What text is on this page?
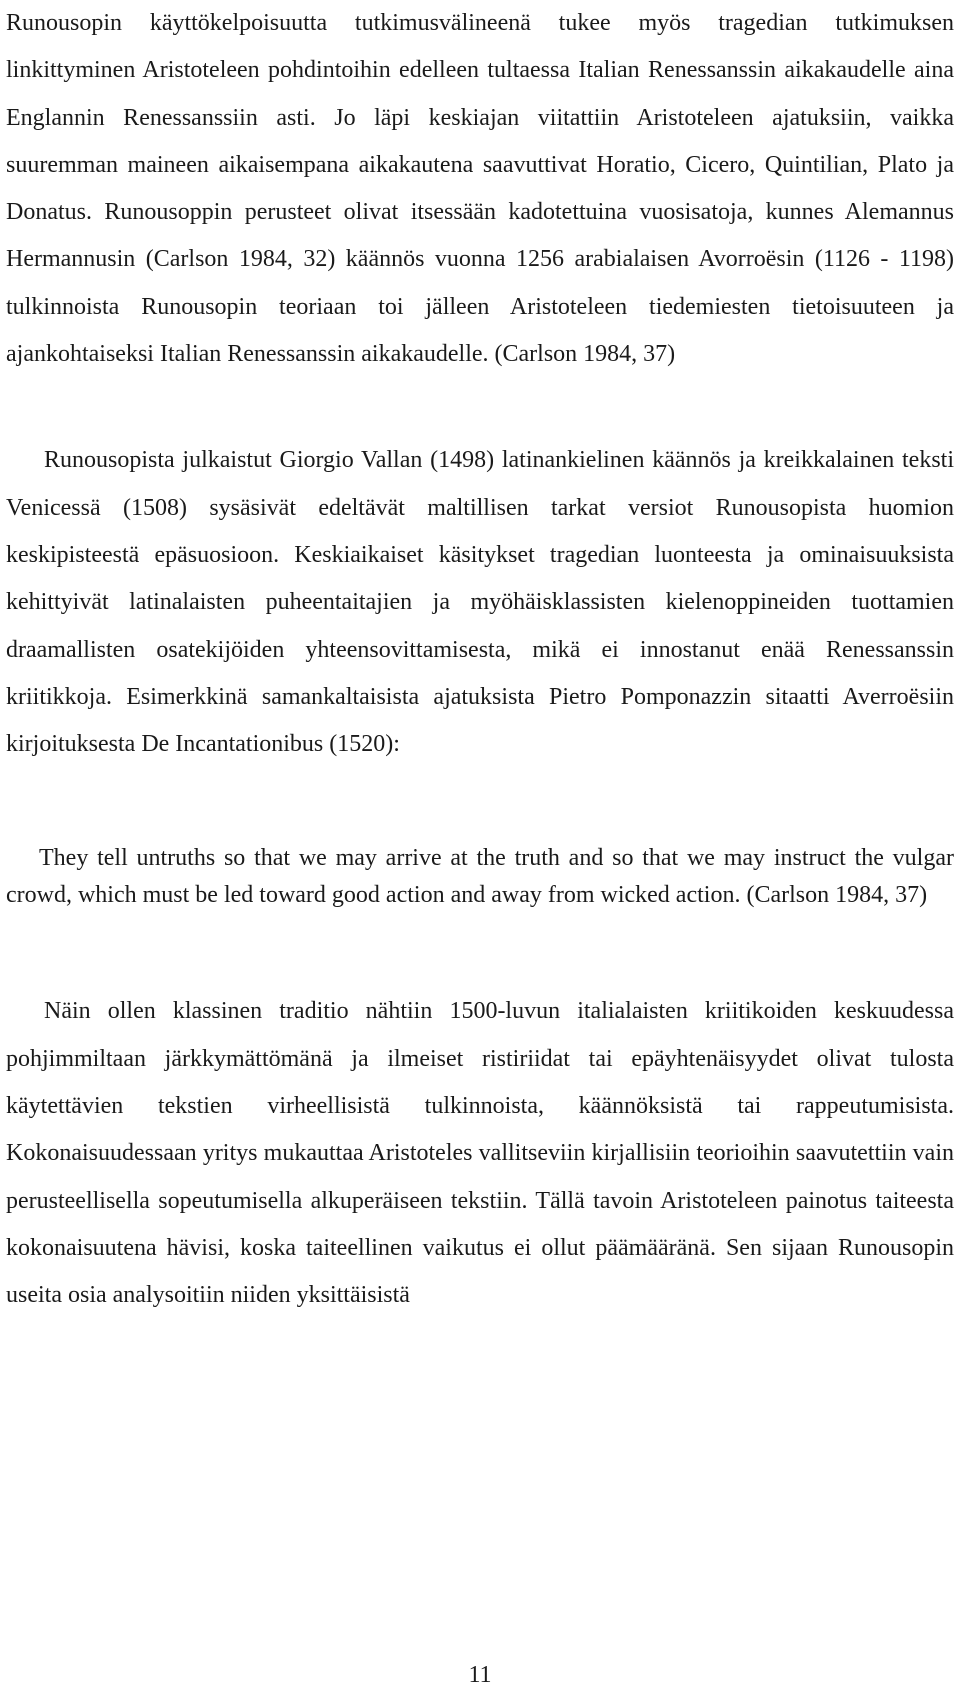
Runousopin käyttökelpoisuutta tutkimusvälineenä tukee myös tragedian tutkimuksen linkittyminen Aristoteleen pohdintoihin edelleen tultaessa Italian Renessanssin aikakaudelle aina Englannin Renessanssiin asti. Jo läpi keskiajan viitattiin Aristoteleen ajatuksiin, vaikka suuremman maineen aikaisempana aikakautena saavuttivat Horatio, Cicero, Quintilian, Plato ja Donatus. Runousoppin perusteet olivat itsessään kadotettuina vuosisatoja, kunnes Alemannus Hermannusin (Carlson 1984, 32) käännös vuonna 1256 arabialaisen Avorroësin (1126 - 1198) tulkinnoista Runousopin teoriaan toi jälleen Aristoteleen tiedemiesten tietoisuuteen ja ajankohtaiseksi Italian Renessanssin aikakaudelle. (Carlson 1984, 37)

Runousopista julkaistut Giorgio Vallan (1498) latinankielinen käännös ja kreikkalainen teksti Venicessä (1508) sysäsivät edeltävät maltillisen tarkat versiot Runousopista huomion keskipisteestä epäsuosioon. Keskiaikaiset käsitykset tragedian luonteesta ja ominaisuuksista kehittyivät latinalaisten puheentaitajien ja myöhäisklassisten kielenoppineiden tuottamien draamallisten osatekijöiden yhteensovittamisesta, mikä ei innostanut enää Renessanssin kriitikkoja. Esimerkkinä samankaltaisista ajatuksista Pietro Pomponazzin sitaatti Averroësiin kirjoituksesta De Incantationibus (1520):

They tell untruths so that we may arrive at the truth and so that we may instruct the vulgar crowd, which must be led toward good action and away from wicked action. (Carlson 1984, 37)

Näin ollen klassinen traditio nähtiin 1500-luvun italialaisten kriitikoiden keskuudessa pohjimmiltaan järkkymättömänä ja ilmeiset ristiriidat tai epäyhtenäisyydet olivat tulosta käytettävien tekstien virheellisistä tulkinnoista, käännöksistä tai rappeutumisista. Kokonaisuudessaan yritys mukauttaa Aristoteles vallitseviin kirjallisiin teorioihin saavutettiin vain perusteellisella sopeutumisella alkuperäiseen tekstiin. Tällä tavoin Aristoteleen painotus taiteesta kokonaisuutena hävisi, koska taiteellinen vaikutus ei ollut päämääränä. Sen sijaan Runousopin useita osia analysoitiin niiden yksittäisistä

11
